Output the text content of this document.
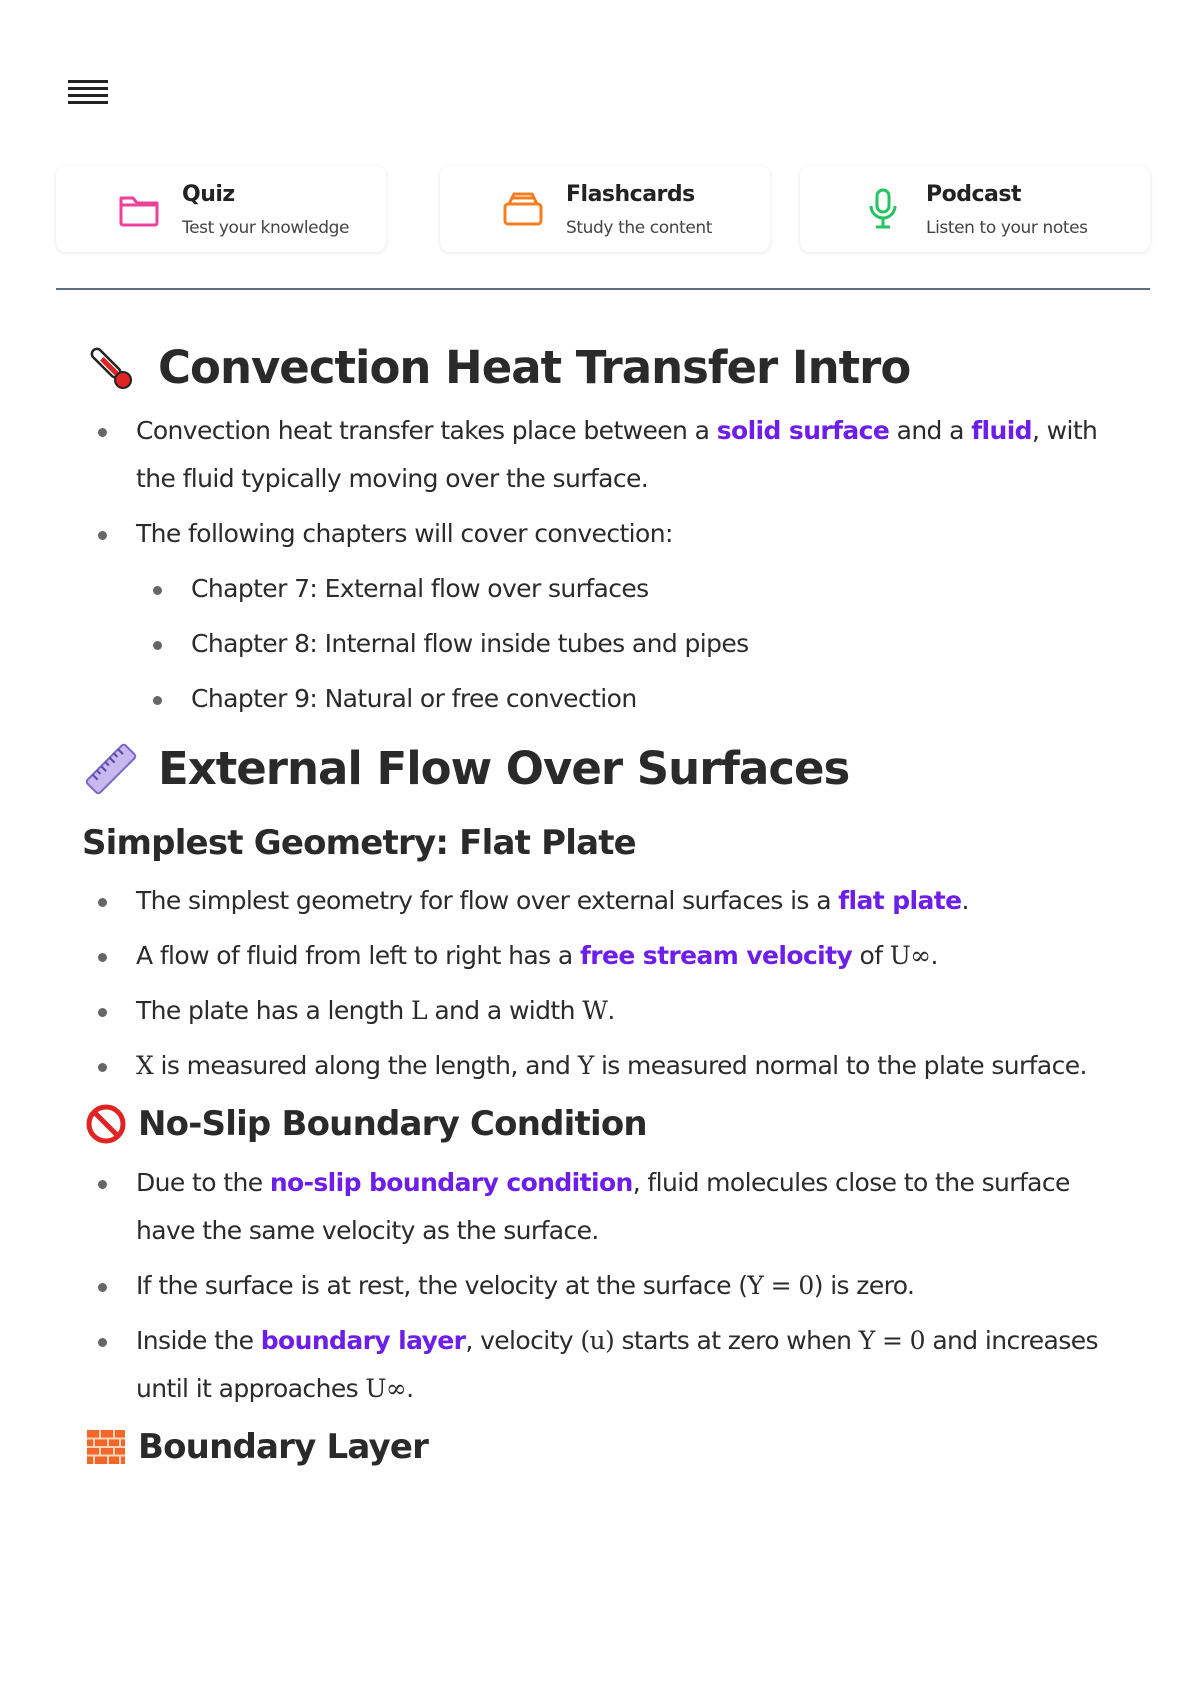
Quiz
Test your knowledge
Flashcards
Study the content
Podcast
Listen to your notes
Convection Heat Transfer Intro
Convection heat transfer takes place between a solid surface and a fluid, with the fluid typically moving over the surface.
The following chapters will cover convection:
Chapter 7: External flow over surfaces
Chapter 8: Internal flow inside tubes and pipes
Chapter 9: Natural or free convection
External Flow Over Surfaces
Simplest Geometry: Flat Plate
The simplest geometry for flow over external surfaces is a flat plate.
A flow of fluid from left to right has a free stream velocity of U∞.
The plate has a length L and a width W.
X is measured along the length, and Y is measured normal to the plate surface.
No-Slip Boundary Condition
Due to the no-slip boundary condition, fluid molecules close to the surface have the same velocity as the surface.
If the surface is at rest, the velocity at the surface (Y = 0) is zero.
Inside the boundary layer, velocity (u) starts at zero when Y = 0 and increases until it approaches U∞.
Boundary Layer
